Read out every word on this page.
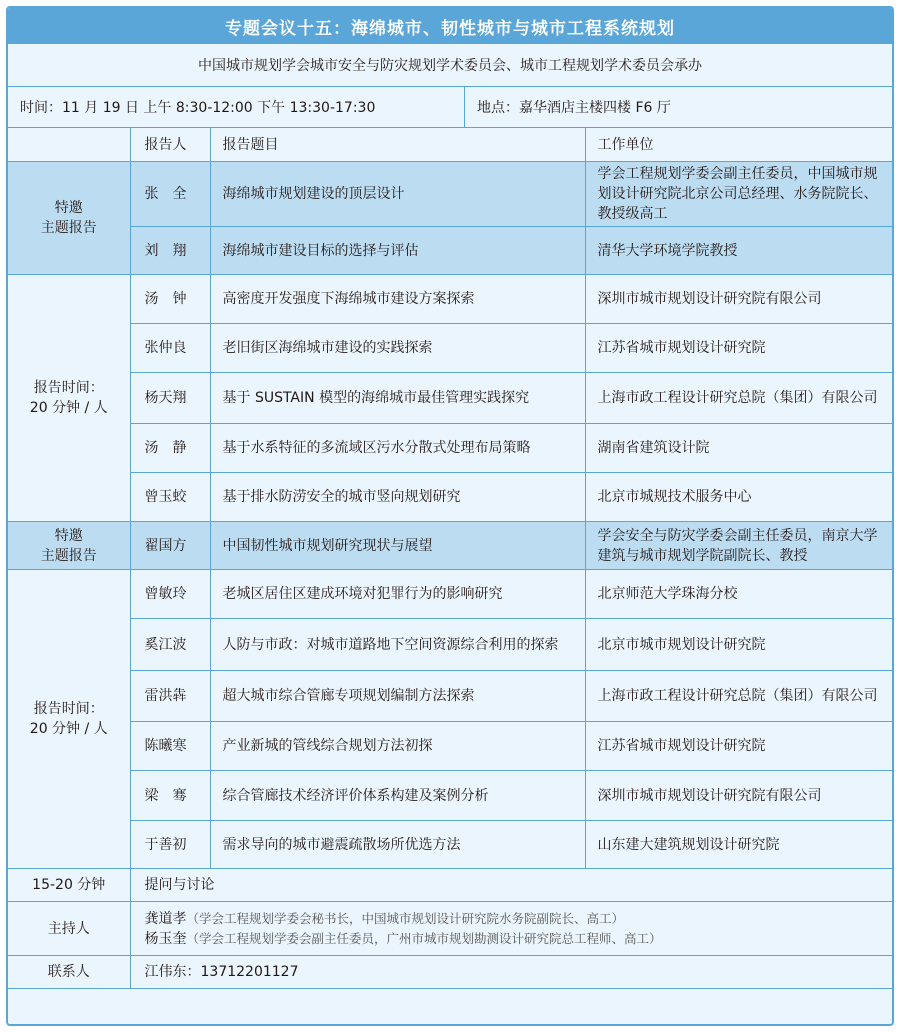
专题会议十五：海绵城市、韧性城市与城市工程系统规划
中国城市规划学会城市安全与防灾规划学术委员会、城市工程规划学术委员会承办
时间：11 月 19 日 上午 8:30-12:00 下午 13:30-17:30	地点：嘉华酒店主楼四楼 F6 厅
	报告人	报告题目	工作单位

特邀
主题报告	张　全	海绵城市规划建设的顶层设计	学会工程规划学委会副主任委员，中国城市规划设计研究院北京公司总经理、水务院院长、教授级高工
	刘　翔	海绵城市建设目标的选择与评估	清华大学环境学院教授

报告时间：
20 分钟 / 人	汤　钟	高密度开发强度下海绵城市建设方案探索	深圳市城市规划设计研究院有限公司
	张仲良	老旧街区海绵城市建设的实践探索	江苏省城市规划设计研究院
	杨天翔	基于 SUSTAIN 模型的海绵城市最佳管理实践探究	上海市政工程设计研究总院（集团）有限公司
	汤　静	基于水系特征的多流域区污水分散式处理布局策略	湖南省建筑设计院
	曾玉蛟	基于排水防涝安全的城市竖向规划研究	北京市城规技术服务中心

特邀
主题报告	翟国方	中国韧性城市规划研究现状与展望	学会安全与防灾学委会副主任委员，南京大学建筑与城市规划学院副院长、教授

报告时间：
20 分钟 / 人	曾敏玲	老城区居住区建成环境对犯罪行为的影响研究	北京师范大学珠海分校
	奚江波	人防与市政：对城市道路地下空间资源综合利用的探索	北京市城市规划设计研究院
	雷洪犇	超大城市综合管廊专项规划编制方法探索	上海市政工程设计研究总院（集团）有限公司
	陈曦寒	产业新城的管线综合规划方法初探	江苏省城市规划设计研究院
	梁　骞	综合管廊技术经济评价体系构建及案例分析	深圳市城市规划设计研究院有限公司
	于善初	需求导向的城市避震疏散场所优选方法	山东建大建筑规划设计研究院
15-20 分钟	提问与讨论		
主持人	龚道孝（学会工程规划学委会秘书长，中国城市规划设计研究院水务院副院长、高工）
杨玉奎（学会工程规划学委会副主任委员，广州市城市规划勘测设计研究院总工程师、高工）		

联系人	江伟东：13712201127		
